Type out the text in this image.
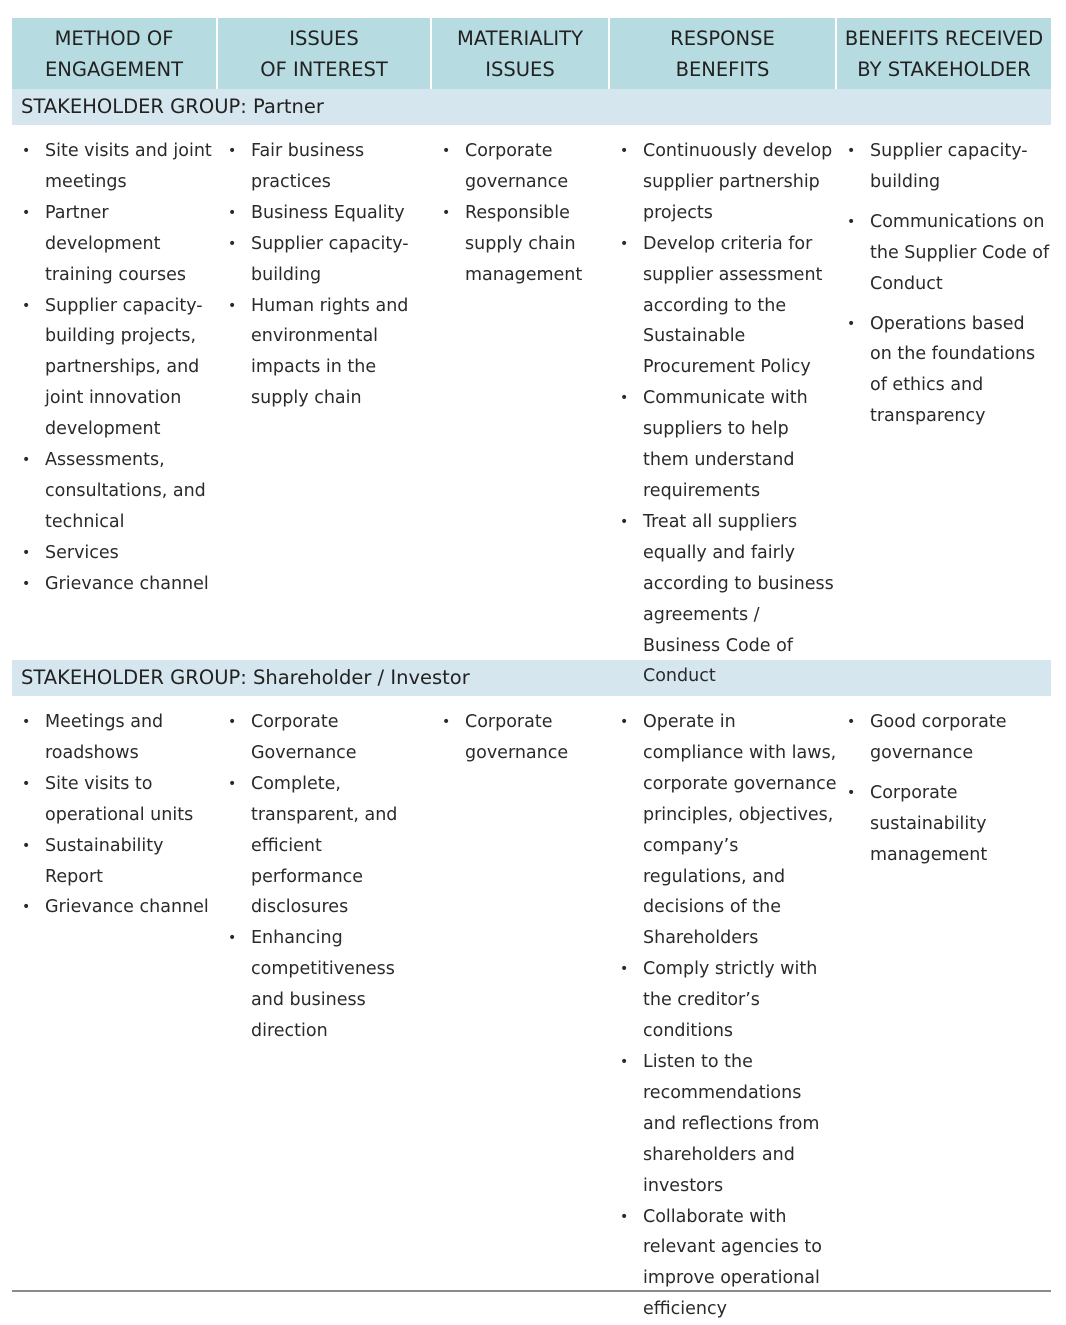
METHOD OF
ENGAGEMENT
ISSUES
OF INTEREST
MATERIALITY
ISSUES
RESPONSE
BENEFITS
BENEFITS RECEIVED
BY STAKEHOLDER
STAKEHOLDER GROUP: Partner
• Site visits and joint meetings
• Partner development training courses
• Supplier capacity-building projects, partnerships, and joint innovation development
• Assessments, consultations, and technical
• Services
• Grievance channel
• Fair business practices
• Business Equality
• Supplier capacity-building
• Human rights and environmental impacts in the supply chain
• Corporate governance
• Responsible supply chain management
• Continuously develop supplier partnership projects
• Develop criteria for supplier assessment according to the Sustainable Procurement Policy
• Communicate with suppliers to help them understand requirements
• Treat all suppliers equally and fairly according to business agreements / Business Code of Conduct
• Supplier capacity-building
• Communications on the Supplier Code of Conduct
• Operations based on the foundations of ethics and transparency
STAKEHOLDER GROUP: Shareholder / Investor
• Meetings and roadshows
• Site visits to operational units
• Sustainability Report
• Grievance channel
• Corporate Governance
• Complete, transparent, and efficient performance disclosures
• Enhancing competitiveness and business direction
• Corporate governance
• Operate in compliance with laws, corporate governance principles, objectives, company’s regulations, and decisions of the Shareholders
• Comply strictly with the creditor’s conditions
• Listen to the recommendations and reflections from shareholders and investors
• Collaborate with relevant agencies to improve operational efficiency
• Good corporate governance
• Corporate sustainability management
